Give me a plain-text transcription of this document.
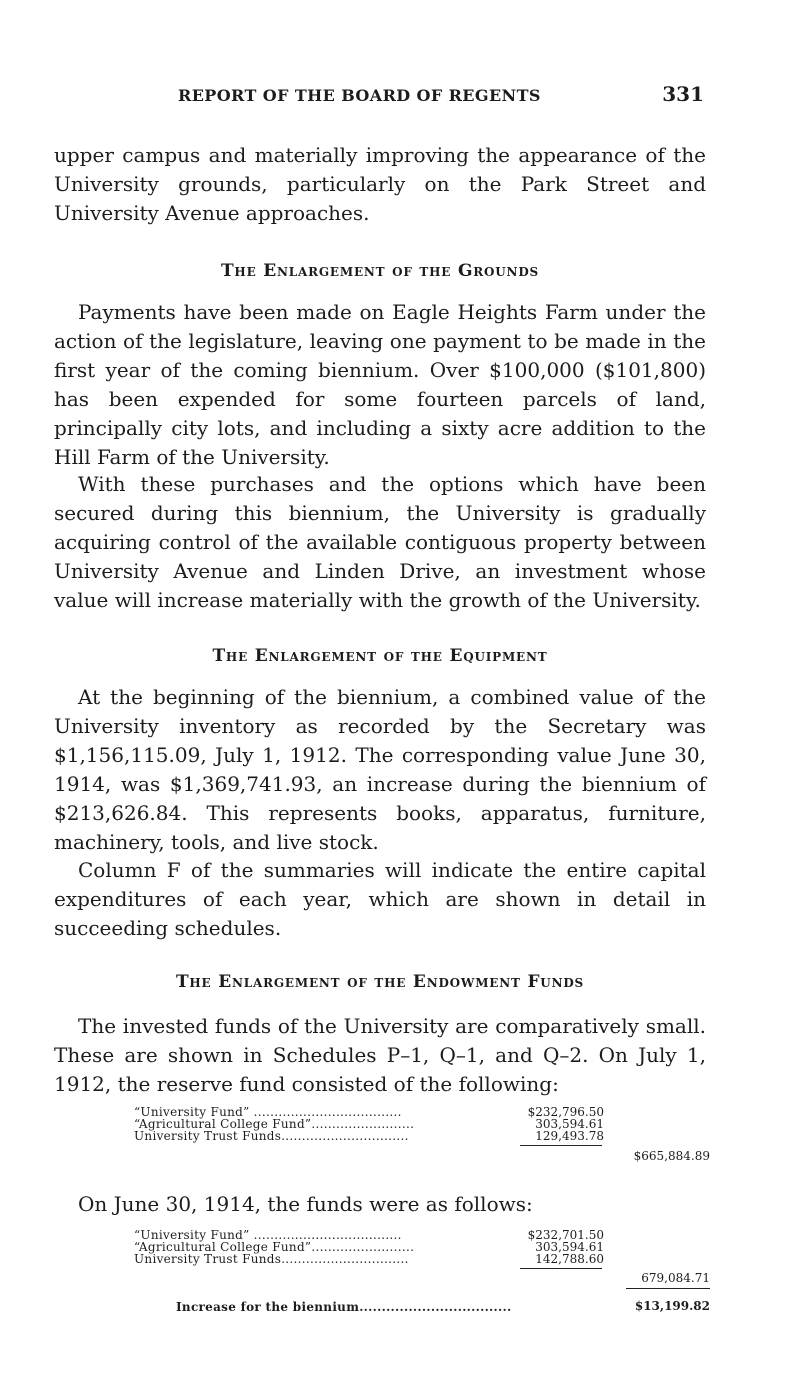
REPORT OF THE BOARD OF REGENTS	331

upper campus and materially improving the appearance of the University grounds, particularly on the Park Street and University Avenue approaches.

The Enlargement of the Grounds

Payments have been made on Eagle Heights Farm under the action of the legislature, leaving one payment to be made in the first year of the coming biennium. Over $100,000 ($101,800) has been expended for some fourteen parcels of land, principally city lots, and including a sixty acre addition to the Hill Farm of the University.

With these purchases and the options which have been secured during this biennium, the University is gradually acquiring control of the available contiguous property between University Avenue and Linden Drive, an investment whose value will increase materially with the growth of the University.

The Enlargement of the Equipment

At the beginning of the biennium, a combined value of the University inventory as recorded by the Secretary was $1,156,115.09, July 1, 1912. The corresponding value June 30, 1914, was $1,369,741.93, an increase during the biennium of $213,626.84. This represents books, apparatus, furniture, machinery, tools, and live stock.

Column F of the summaries will indicate the entire capital expenditures of each year, which are shown in detail in succeeding schedules.

The Enlargement of the Endowment Funds

The invested funds of the University are comparatively small. These are shown in Schedules P–1, Q–1, and Q–2. On July 1, 1912, the reserve fund consisted of the following:

“University Fund” ....................................	$232,796.50
“Agricultural College Fund”.........................	303,594.61
University Trust Funds...............................	129,493.78
$665,884.89

On June 30, 1914, the funds were as follows:

“University Fund” ....................................	$232,701.50
“Agricultural College Fund”.........................	303,594.61
University Trust Funds...............................	142,788.60
679,084.71
Increase for the biennium..................................	$13,199.82
